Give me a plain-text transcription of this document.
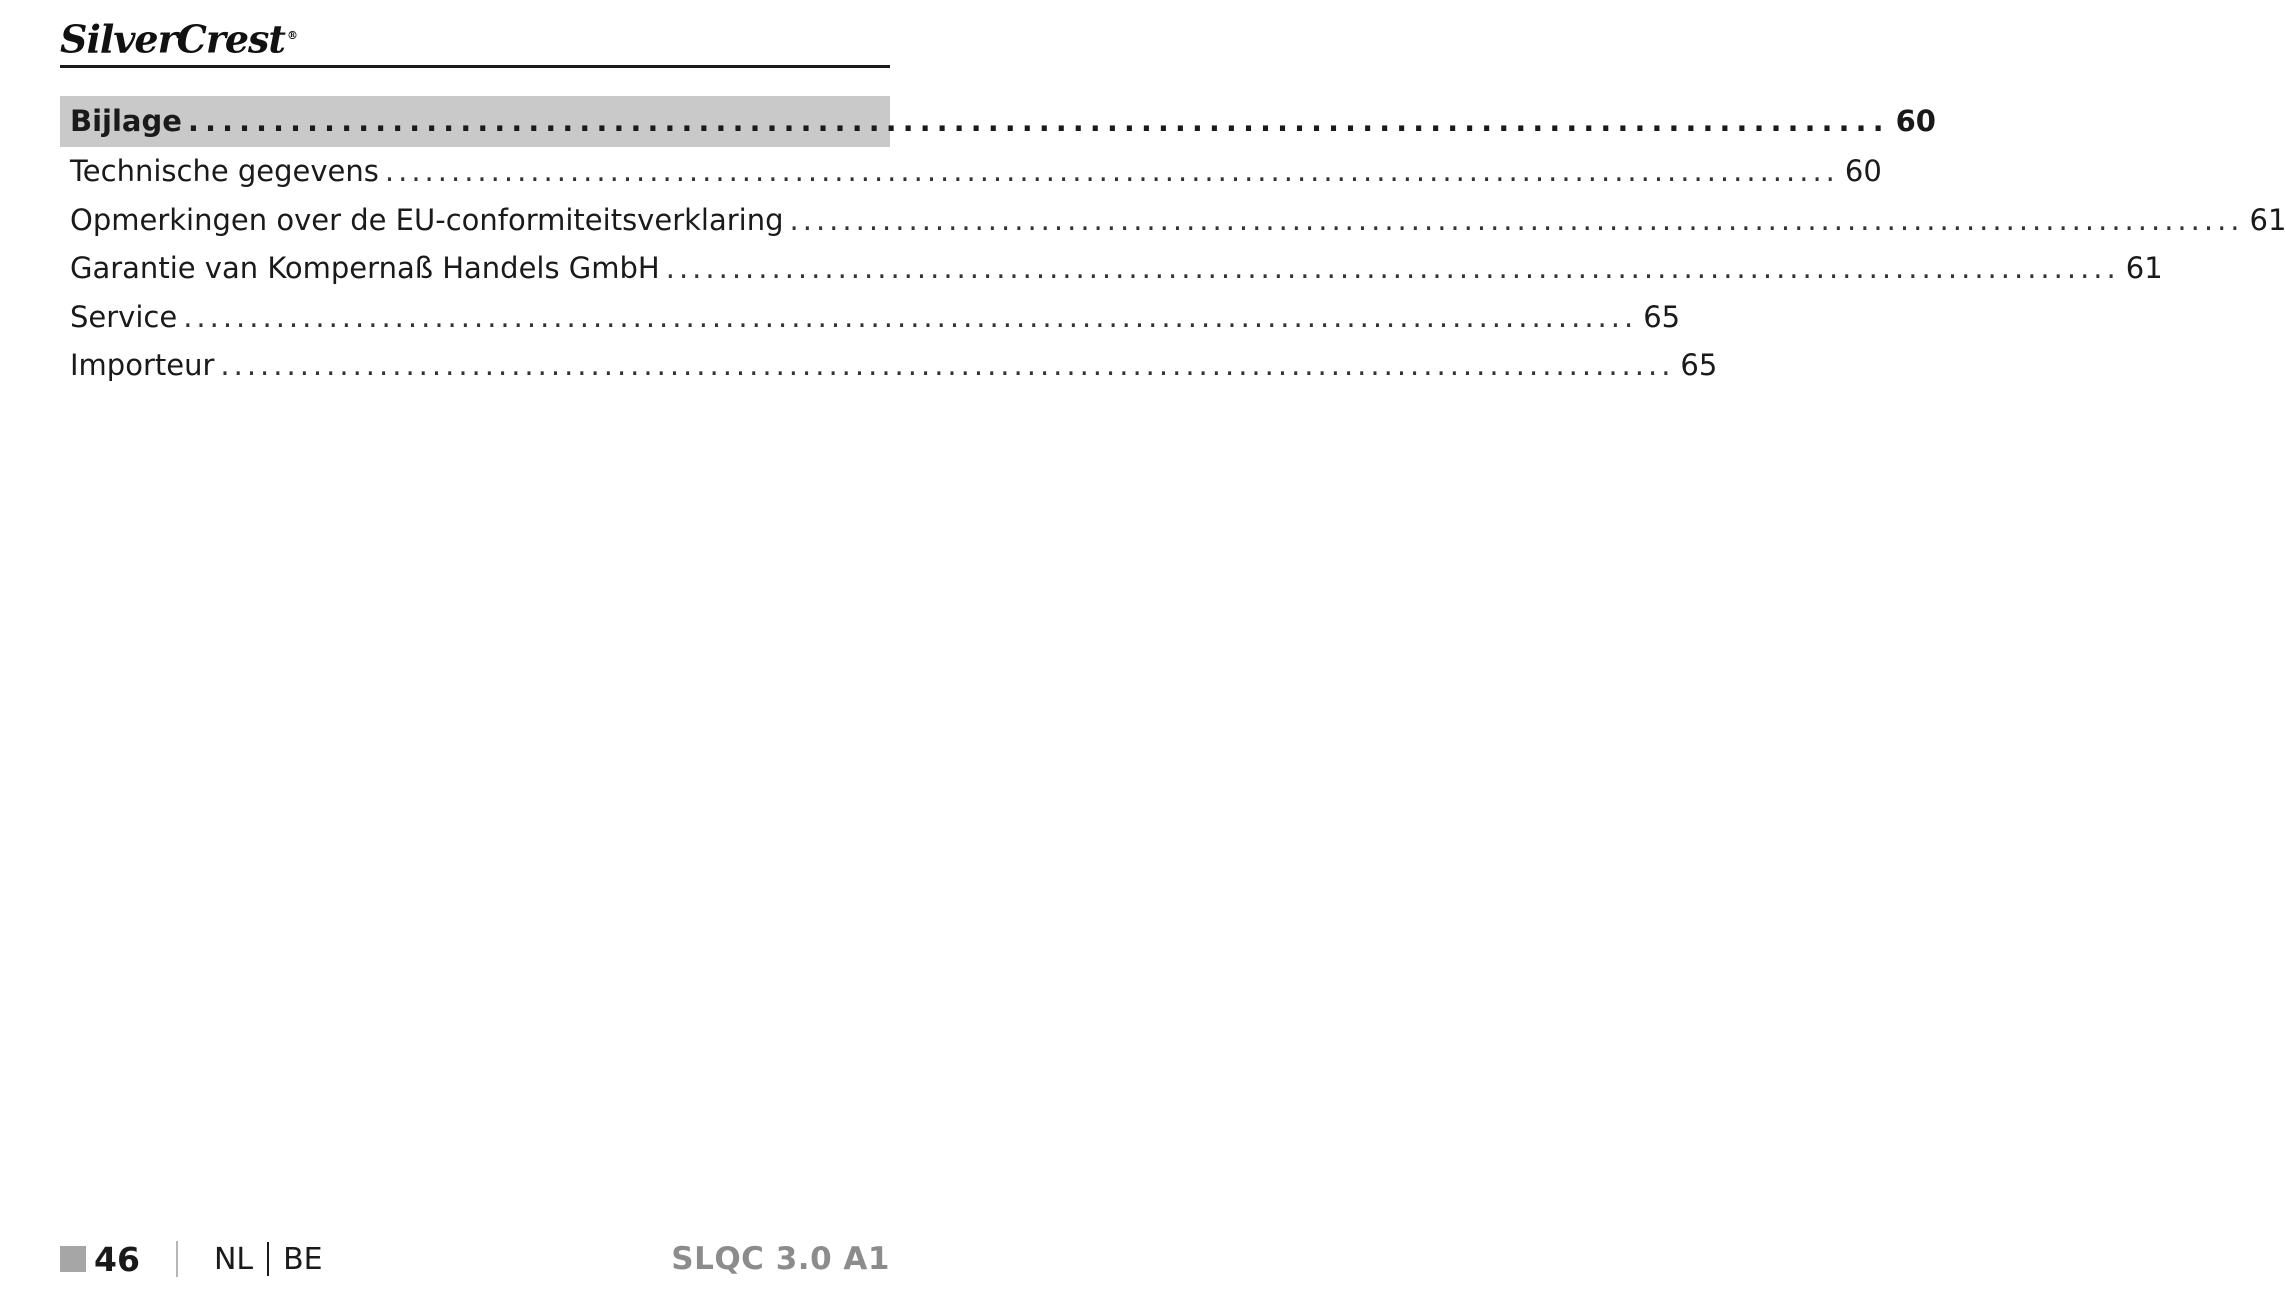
SilverCrest ®
Bijlage .................................................................................................... 60
Technische gegevens .............................................................................................................. 60
Opmerkingen over de EU-conformiteitsverklaring .............................................................................................................. 61
Garantie van Kompernaß Handels GmbH .............................................................................................................. 61
Service .............................................................................................................. 65
Importeur .............................................................................................................. 65
46 NL BE	SLQC 3.0 A1
